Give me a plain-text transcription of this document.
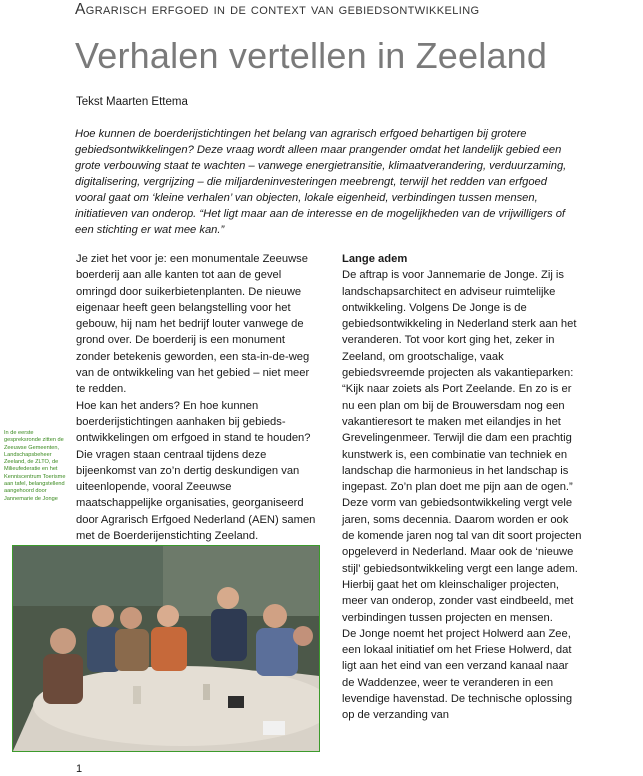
Agrarisch erfgoed in de context van gebiedsontwikkeling
Verhalen vertellen in Zeeland
Tekst Maarten Ettema

Hoe kunnen de boerderijstichtingen het belang van agrarisch erfgoed behartigen bij grotere gebiedsontwikkelingen? Deze vraag wordt alleen maar prangender omdat het landelijk gebied een grote verbouwing staat te wachten – vanwege energietransitie, klimaatverandering, verduurzaming, digitalisering, vergrijzing – die miljardeninvesteringen meebrengt, terwijl het redden van erfgoed vooral gaat om ‘kleine verhalen’ van objecten, lokale eigenheid, verbindingen tussen mensen, initiatieven van onderop. “Het ligt maar aan de interesse en de mogelijkheden van de vrijwilligers of een stichting er wat mee kan.”

Je ziet het voor je: een monumentale Zeeuwse boerderij aan alle kanten tot aan de gevel omringd door suikerbietenplanten. De nieuwe eigenaar heeft geen belangstelling voor het gebouw, hij nam het bedrijf louter vanwege de grond over. De boerderij is een monument zonder betekenis geworden, een sta-in-de-weg van de ontwikkeling van het gebied – niet meer te redden.

Hoe kan het anders? En hoe kunnen boerderijstichtingen aanhaken bij gebieds-ontwikkelingen om erfgoed in stand te houden? Die vragen staan centraal tijdens deze bijeenkomst van zo’n dertig deskundigen van uiteenlopende, vooral Zeeuwse maatschappelijke organisaties, georganiseerd door Agrarisch Erfgoed Nederland (AEN) samen met de Boerderijenstichting Zeeland.

In de eerste gespreksronde zitten de Zeeuwse Gemeenten, Landschapsbeheer Zeeland, de ZLTO, de Milieufederatie en het Kenniscentrum Toerisme aan tafel, belangstellend aangehoord door Jannemarie de Jonge

Lange adem

De aftrap is voor Jannemarie de Jonge. Zij is landschapsarchitect en adviseur ruimtelijke ontwikkeling. Volgens De Jonge is de gebiedsontwikkeling in Nederland sterk aan het veranderen. Tot voor kort ging het, zeker in Zeeland, om grootschalige, vaak gebiedsvreemde projecten als vakantieparken: “Kijk naar zoiets als Port Zeelande. En zo is er nu een plan om bij de Brouwersdam nog een vakantieresort te maken met eilandjes in het Grevelingenmeer. Terwijl die dam een prachtig kunstwerk is, een combinatie van techniek en landschap die harmonieus in het landschap is ingepast. Zo’n plan doet me pijn aan de ogen.”

Deze vorm van gebiedsontwikkeling vergt vele jaren, soms decennia. Daarom worden er ook de komende jaren nog tal van dit soort projecten opgeleverd in Nederland. Maar ook de ‘nieuwe stijl’ gebiedsontwikkeling vergt een lange adem. Hierbij gaat het om kleinschaliger projecten, meer van onderop, zonder vast eindbeeld, met verbindingen tussen projecten en mensen.

De Jonge noemt het project Holwerd aan Zee, een lokaal initiatief om het Friese Holwerd, dat ligt aan het eind van een verzand kanaal naar de Waddenzee, weer te veranderen in een levendige havenstad. De technische oplossing op de verzanding van

1
